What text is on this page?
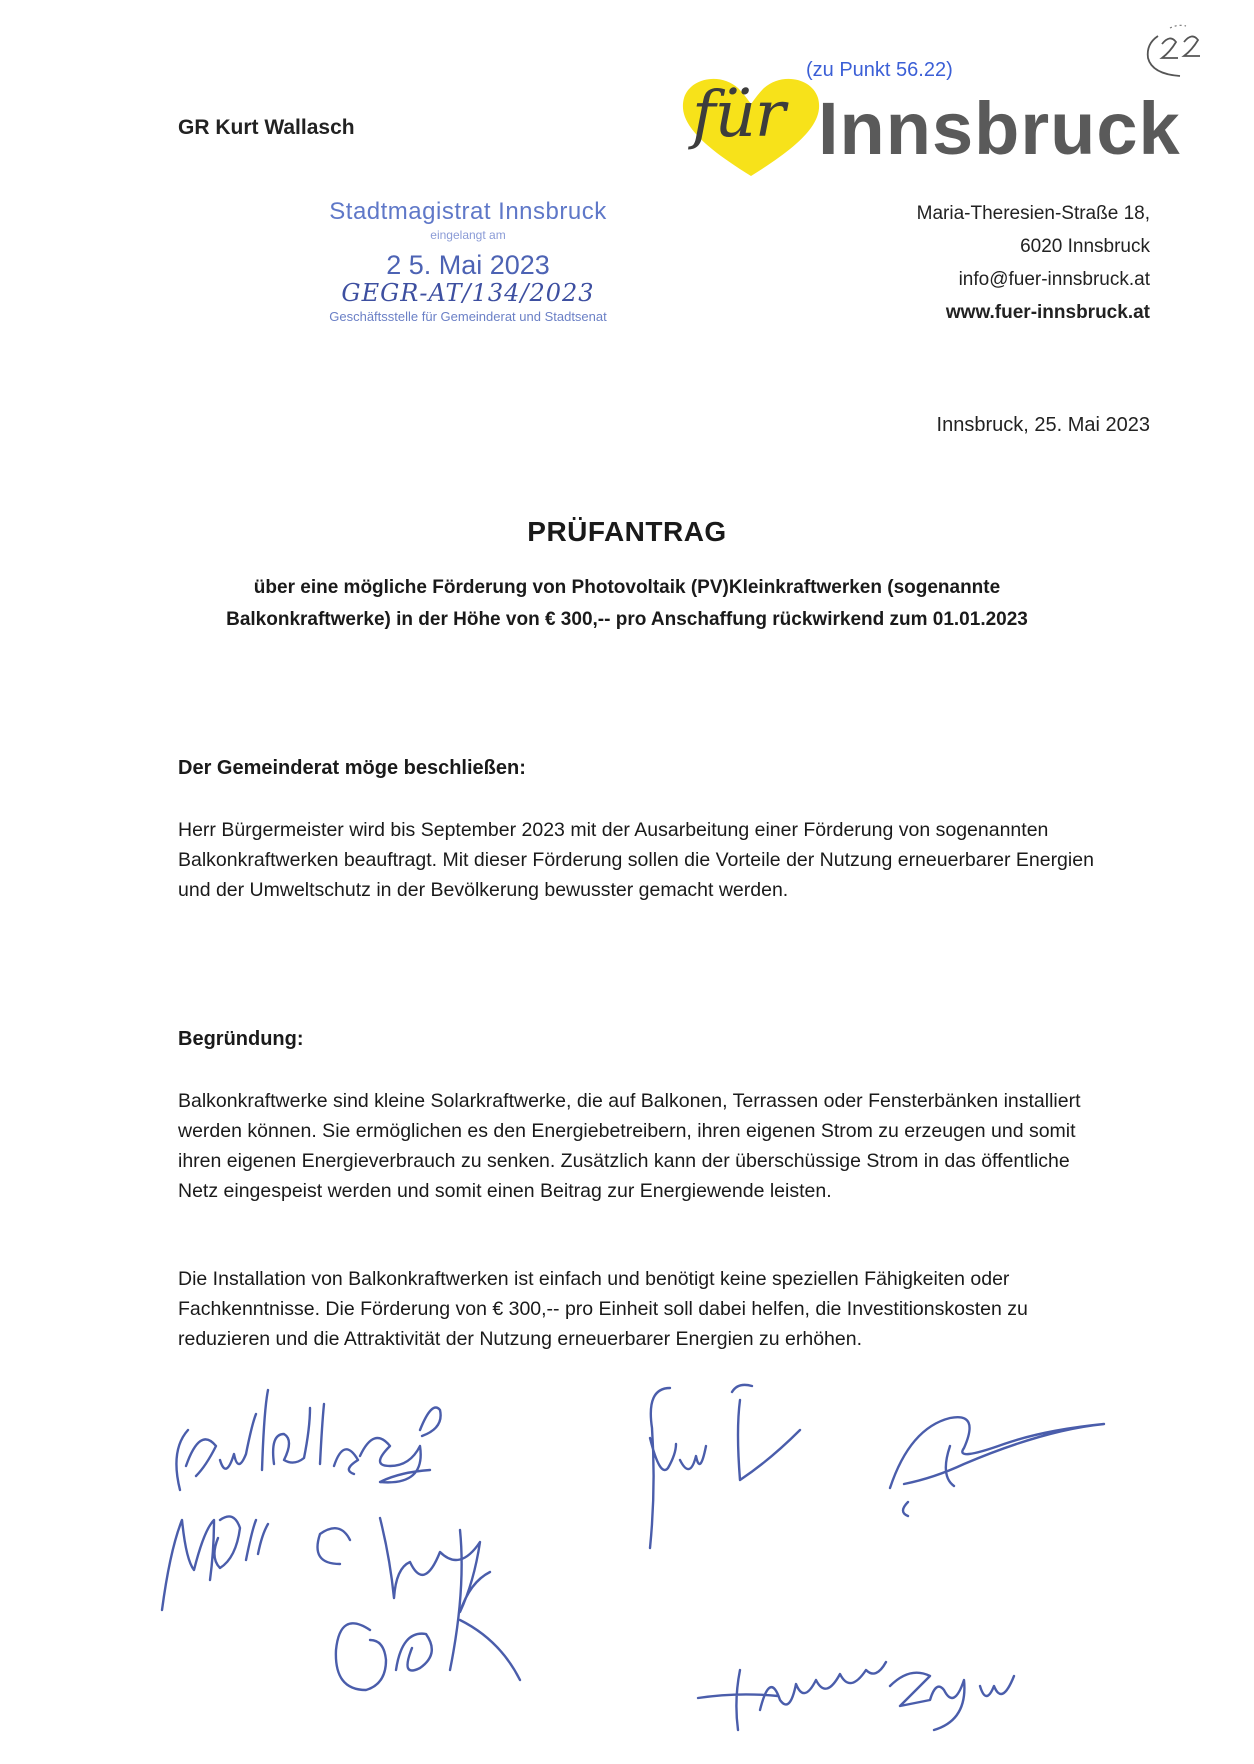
GR Kurt Wallasch
(zu Punkt 56.22)
für Innsbruck
Maria-Theresien-Straße 18,
6020 Innsbruck
info@fuer-innsbruck.at
www.fuer-innsbruck.at
Stadtmagistrat Innsbruck
eingelangt am
2 5. Mai 2023
GEGR-AT/134/2023
Geschäftsstelle für Gemeinderat und Stadtsenat
Innsbruck, 25. Mai 2023
PRÜFANTRAG
über eine mögliche Förderung von Photovoltaik (PV)Kleinkraftwerken (sogenannte
Balkonkraftwerke) in der Höhe von € 300,-- pro Anschaffung rückwirkend zum 01.01.2023
Der Gemeinderat möge beschließen:
Herr Bürgermeister wird bis September 2023 mit der Ausarbeitung einer Förderung von sogenannten Balkonkraftwerken beauftragt. Mit dieser Förderung sollen die Vorteile der Nutzung erneuerbarer Energien und der Umweltschutz in der Bevölkerung bewusster gemacht werden.
Begründung:
Balkonkraftwerke sind kleine Solarkraftwerke, die auf Balkonen, Terrassen oder Fensterbänken installiert werden können. Sie ermöglichen es den Energiebetreibern, ihren eigenen Strom zu erzeugen und somit ihren eigenen Energieverbrauch zu senken. Zusätzlich kann der überschüssige Strom in das öffentliche Netz eingespeist werden und somit einen Beitrag zur Energiewende leisten.
Die Installation von Balkonkraftwerken ist einfach und benötigt keine speziellen Fähigkeiten oder Fachkenntnisse. Die Förderung von € 300,-- pro Einheit soll dabei helfen, die Investitionskosten zu reduzieren und die Attraktivität der Nutzung erneuerbarer Energien zu erhöhen.
